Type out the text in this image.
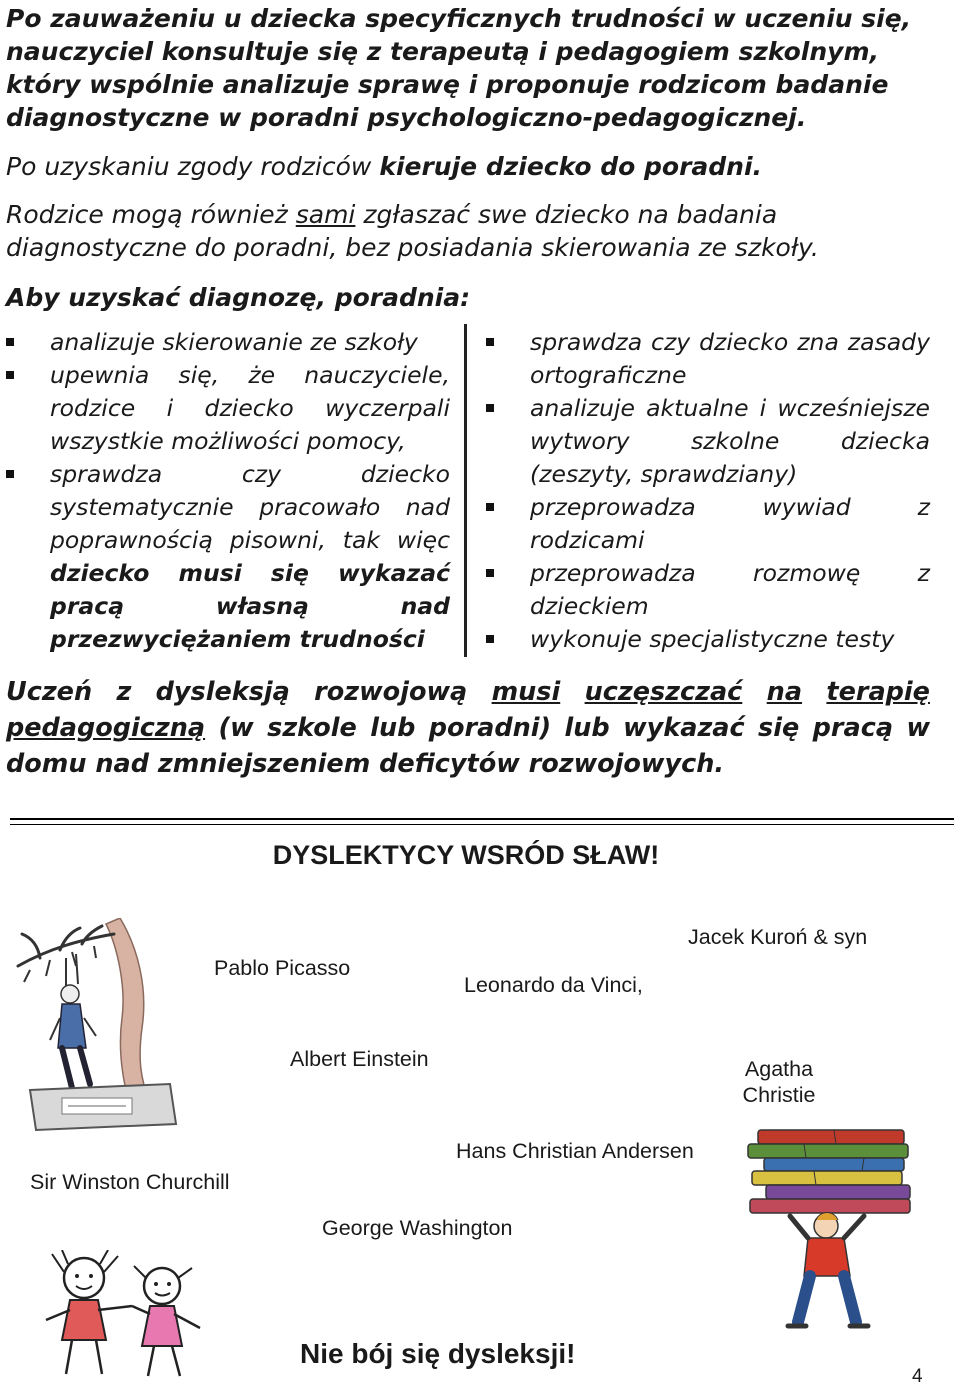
Po zauważeniu u dziecka specyficznych trudności w uczeniu się, nauczyciel konsultuje się z terapeutą i pedagogiem szkolnym, który wspólnie analizuje sprawę i proponuje rodzicom badanie diagnostyczne w poradni psychologiczno-pedagogicznej.

Po uzyskaniu zgody rodziców kieruje dziecko do poradni.

Rodzice mogą również sami zgłaszać swe dziecko na badania diagnostyczne do poradni, bez posiadania skierowania ze szkoły.

Aby uzyskać diagnozę, poradnia:

analizuje skierowanie ze szkoły
upewnia się, że nauczyciele, rodzice i dziecko wyczerpali wszystkie możliwości pomocy,
sprawdza czy dziecko systematycznie pracowało nad poprawnością pisowni, tak więc dziecko musi się wykazać pracą własną nad przezwyciężaniem trudności
sprawdza czy dziecko zna zasady ortograficzne
analizuje aktualne i wcześniejsze wytwory szkolne dziecka (zeszyty, sprawdziany)
przeprowadza wywiad z rodzicami
przeprowadza rozmowę z dzieckiem
wykonuje specjalistyczne testy
Uczeń z dysleksją rozwojową musi uczęszczać na terapię pedagogiczną (w szkole lub poradni) lub wykazać się pracą w domu nad zmniejszeniem deficytów rozwojowych.
DYSLEKTYCY WSRÓD SŁAW!
Pablo Picasso
Leonardo da Vinci,
Jacek Kuroń & syn
Albert Einstein	Agatha
Christie
Hans Christian Andersen
Sir Winston Churchill
George Washington
Nie bój się dysleksji!
4
